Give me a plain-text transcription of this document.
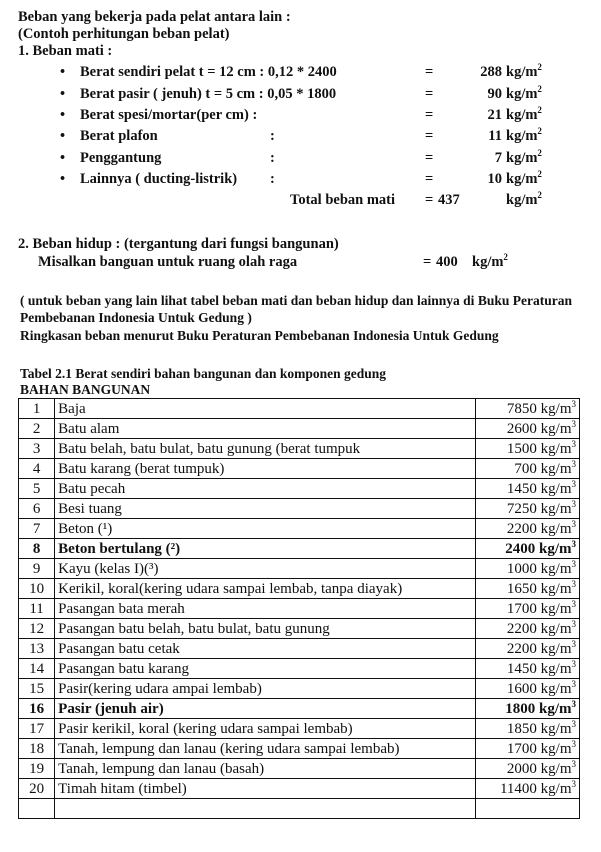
Beban yang bekerja pada pelat antara lain :
(Contoh perhitungan beban pelat)
1. Beban mati :
• Berat sendiri pelat t = 12 cm : 0,12 * 2400	=	288 $kg/m^2$
• Berat pasir ( jenuh) t = 5 cm : 0,05 * 1800	=	90 $kg/m^2$
• Berat spesi/mortar(per cm) :	=	21 $kg/m^2$
• Berat plafon	:	=	11 $kg/m^2$
• Penggantung	:	=	7 $kg/m^2$
• Lainnya ( ducting-listrik) :	=	10 $kg/m^2$
Total beban mati = 437	$kg/m^2$
2. Beban hidup : (tergantung dari fungsi bangunan)
Misalkan banguan untuk ruang olah raga	= 400 $kg/m^2$
( untuk beban yang lain lihat tabel beban mati dan beban hidup dan lainnya di Buku Peraturan Pembebanan Indonesia Untuk Gedung )
Ringkasan beban menurut Buku Peraturan Pembebanan Indonesia Untuk Gedung
Tabel 2.1 Berat sendiri bahan bangunan dan komponen gedung
BAHAN BANGUNAN
1	Baja	7850 $kg/m^3$
2	Batu alam	2600 $kg/m^3$
3	Batu belah, batu bulat, batu gunung (berat tumpuk	1500 $kg/m^3$
4	Batu karang (berat tumpuk)	700 $kg/m^3$
5	Batu pecah	1450 $kg/m^3$
6	Besi tuang	7250 $kg/m^3$
7	Beton (¹)	2200 $kg/m^3$
8	Beton bertulang (²)	2400 $kg/m^3$
9	Kayu (kelas I)(³)	1000 $kg/m^3$
10	Kerikil, koral(kering udara sampai lembab, tanpa diayak)	1650 $kg/m^3$
11	Pasangan bata merah	1700 $kg/m^3$
12	Pasangan batu belah, batu bulat, batu gunung	2200 $kg/m^3$
13	Pasangan batu cetak	2200 $kg/m^3$
14	Pasangan batu karang	1450 $kg/m^3$
15	Pasir(kering udara ampai lembab)	1600 $kg/m^3$
16	Pasir (jenuh air)	1800 $kg/m^3$
17	Pasir kerikil, koral (kering udara sampai lembab)	1850 $kg/m^3$
18	Tanah, lempung dan lanau (kering udara sampai lembab)	1700 $kg/m^3$
19	Tanah, lempung dan lanau (basah)	2000 $kg/m^3$
20	Timah hitam (timbel)	11400 $kg/m^3$
